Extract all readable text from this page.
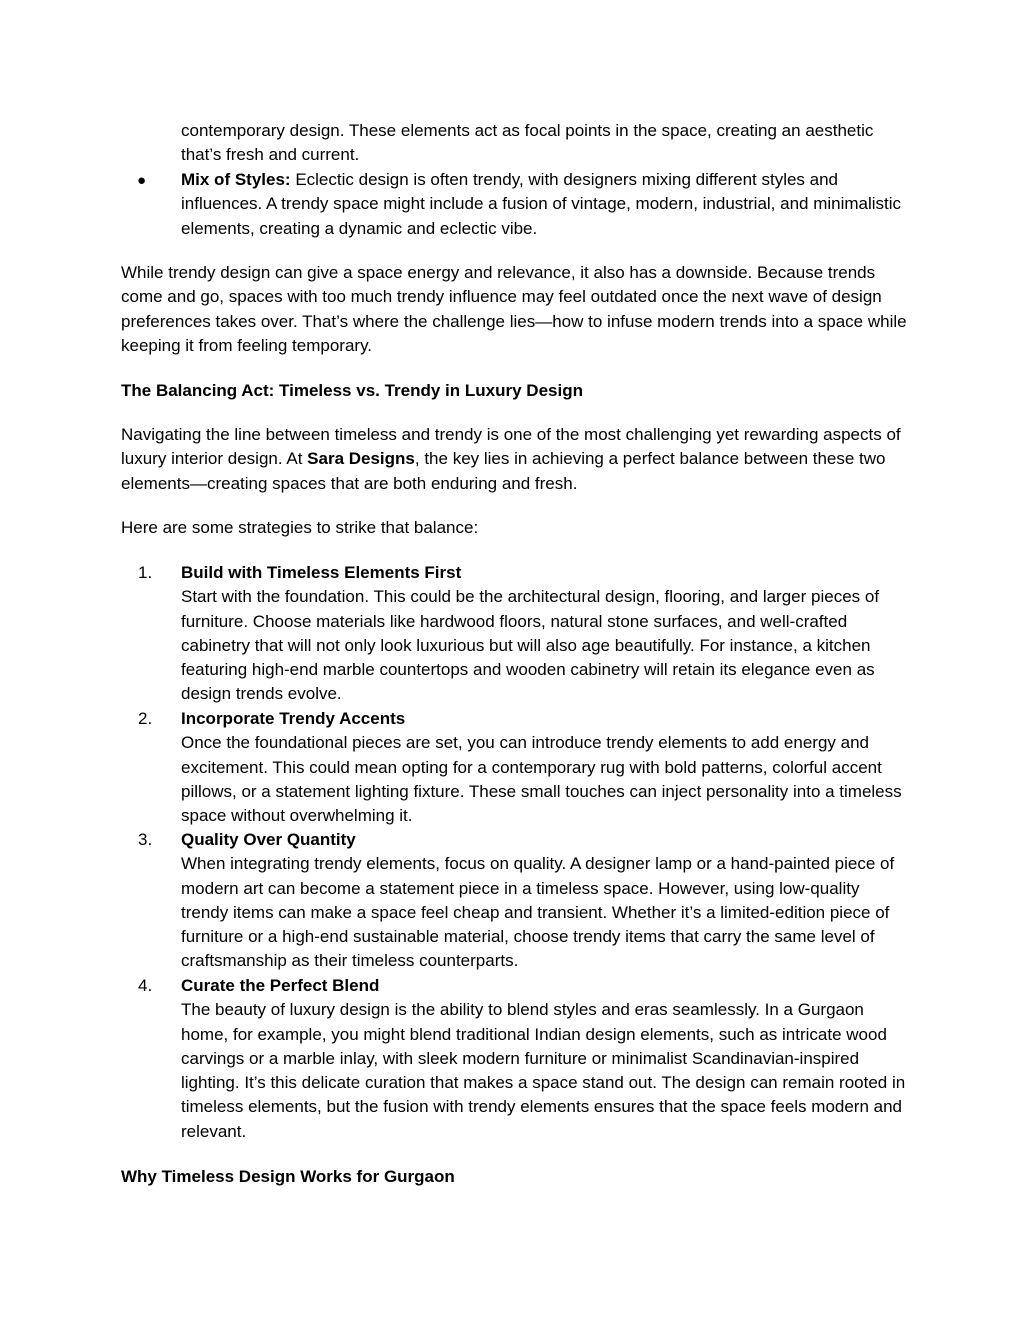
contemporary design. These elements act as focal points in the space, creating an aesthetic that’s fresh and current.

●	Mix of Styles: Eclectic design is often trendy, with designers mixing different styles and influences. A trendy space might include a fusion of vintage, modern, industrial, and minimalistic elements, creating a dynamic and eclectic vibe.

While trendy design can give a space energy and relevance, it also has a downside. Because trends come and go, spaces with too much trendy influence may feel outdated once the next wave of design preferences takes over. That’s where the challenge lies—how to infuse modern trends into a space while keeping it from feeling temporary.

The Balancing Act: Timeless vs. Trendy in Luxury Design

Navigating the line between timeless and trendy is one of the most challenging yet rewarding aspects of luxury interior design. At Sara Designs, the key lies in achieving a perfect balance between these two elements—creating spaces that are both enduring and fresh.

Here are some strategies to strike that balance:

1.	Build with Timeless Elements First

Start with the foundation. This could be the architectural design, flooring, and larger pieces of furniture. Choose materials like hardwood floors, natural stone surfaces, and well-crafted cabinetry that will not only look luxurious but will also age beautifully. For instance, a kitchen featuring high-end marble countertops and wooden cabinetry will retain its elegance even as design trends evolve.

2.	Incorporate Trendy Accents

Once the foundational pieces are set, you can introduce trendy elements to add energy and excitement. This could mean opting for a contemporary rug with bold patterns, colorful accent pillows, or a statement lighting fixture. These small touches can inject personality into a timeless space without overwhelming it.

3.	Quality Over Quantity

When integrating trendy elements, focus on quality. A designer lamp or a hand-painted piece of modern art can become a statement piece in a timeless space. However, using low-quality trendy items can make a space feel cheap and transient. Whether it’s a limited-edition piece of furniture or a high-end sustainable material, choose trendy items that carry the same level of craftsmanship as their timeless counterparts.

4.	Curate the Perfect Blend

The beauty of luxury design is the ability to blend styles and eras seamlessly. In a Gurgaon home, for example, you might blend traditional Indian design elements, such as intricate wood carvings or a marble inlay, with sleek modern furniture or minimalist Scandinavian-inspired lighting. It’s this delicate curation that makes a space stand out. The design can remain rooted in timeless elements, but the fusion with trendy elements ensures that the space feels modern and relevant.

Why Timeless Design Works for Gurgaon
